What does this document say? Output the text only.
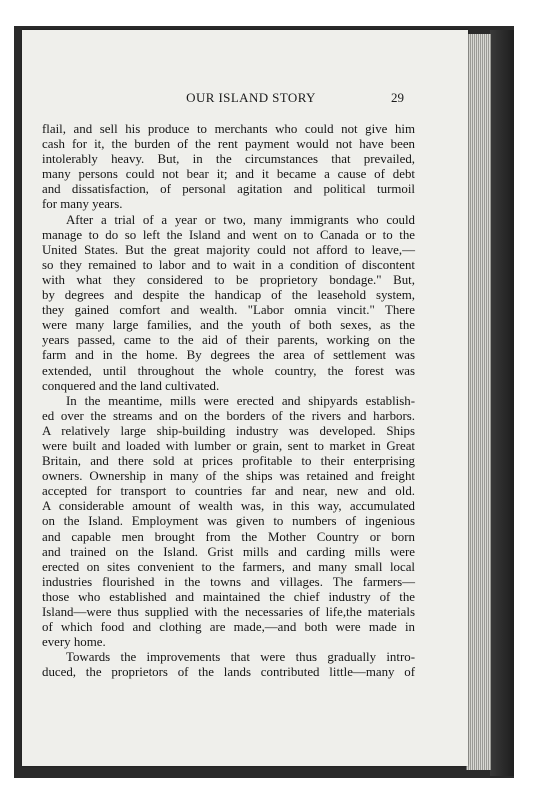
OUR ISLAND STORY	29
flail, and sell his produce to merchants who could not give him
cash for it, the burden of the rent payment would not have been
intolerably heavy. But, in the circumstances that prevailed,
many persons could not bear it; and it became a cause of debt
and dissatisfaction, of personal agitation and political turmoil
for many years.
After a trial of a year or two, many immigrants who could
manage to do so left the Island and went on to Canada or to the
United States. But the great majority could not afford to leave,—
so they remained to labor and to wait in a condition of discontent
with what they considered to be proprietory bondage." But,
by degrees and despite the handicap of the leasehold system,
they gained comfort and wealth. "Labor omnia vincit." There
were many large families, and the youth of both sexes, as the
years passed, came to the aid of their parents, working on the
farm and in the home. By degrees the area of settlement was
extended, until throughout the whole country, the forest was
conquered and the land cultivated.
In the meantime, mills were erected and shipyards establish-
ed over the streams and on the borders of the rivers and harbors.
A relatively large ship-building industry was developed. Ships
were built and loaded with lumber or grain, sent to market in Great
Britain, and there sold at prices profitable to their enterprising
owners. Ownership in many of the ships was retained and freight
accepted for transport to countries far and near, new and old.
A considerable amount of wealth was, in this way, accumulated
on the Island. Employment was given to numbers of ingenious
and capable men brought from the Mother Country or born
and trained on the Island. Grist mills and carding mills were
erected on sites convenient to the farmers, and many small local
industries flourished in the towns and villages. The farmers—
those who established and maintained the chief industry of the
Island—were thus supplied with the necessaries of life,the materials
of which food and clothing are made,—and both were made in
every home.
Towards the improvements that were thus gradually intro-
duced, the proprietors of the lands contributed little—many of
